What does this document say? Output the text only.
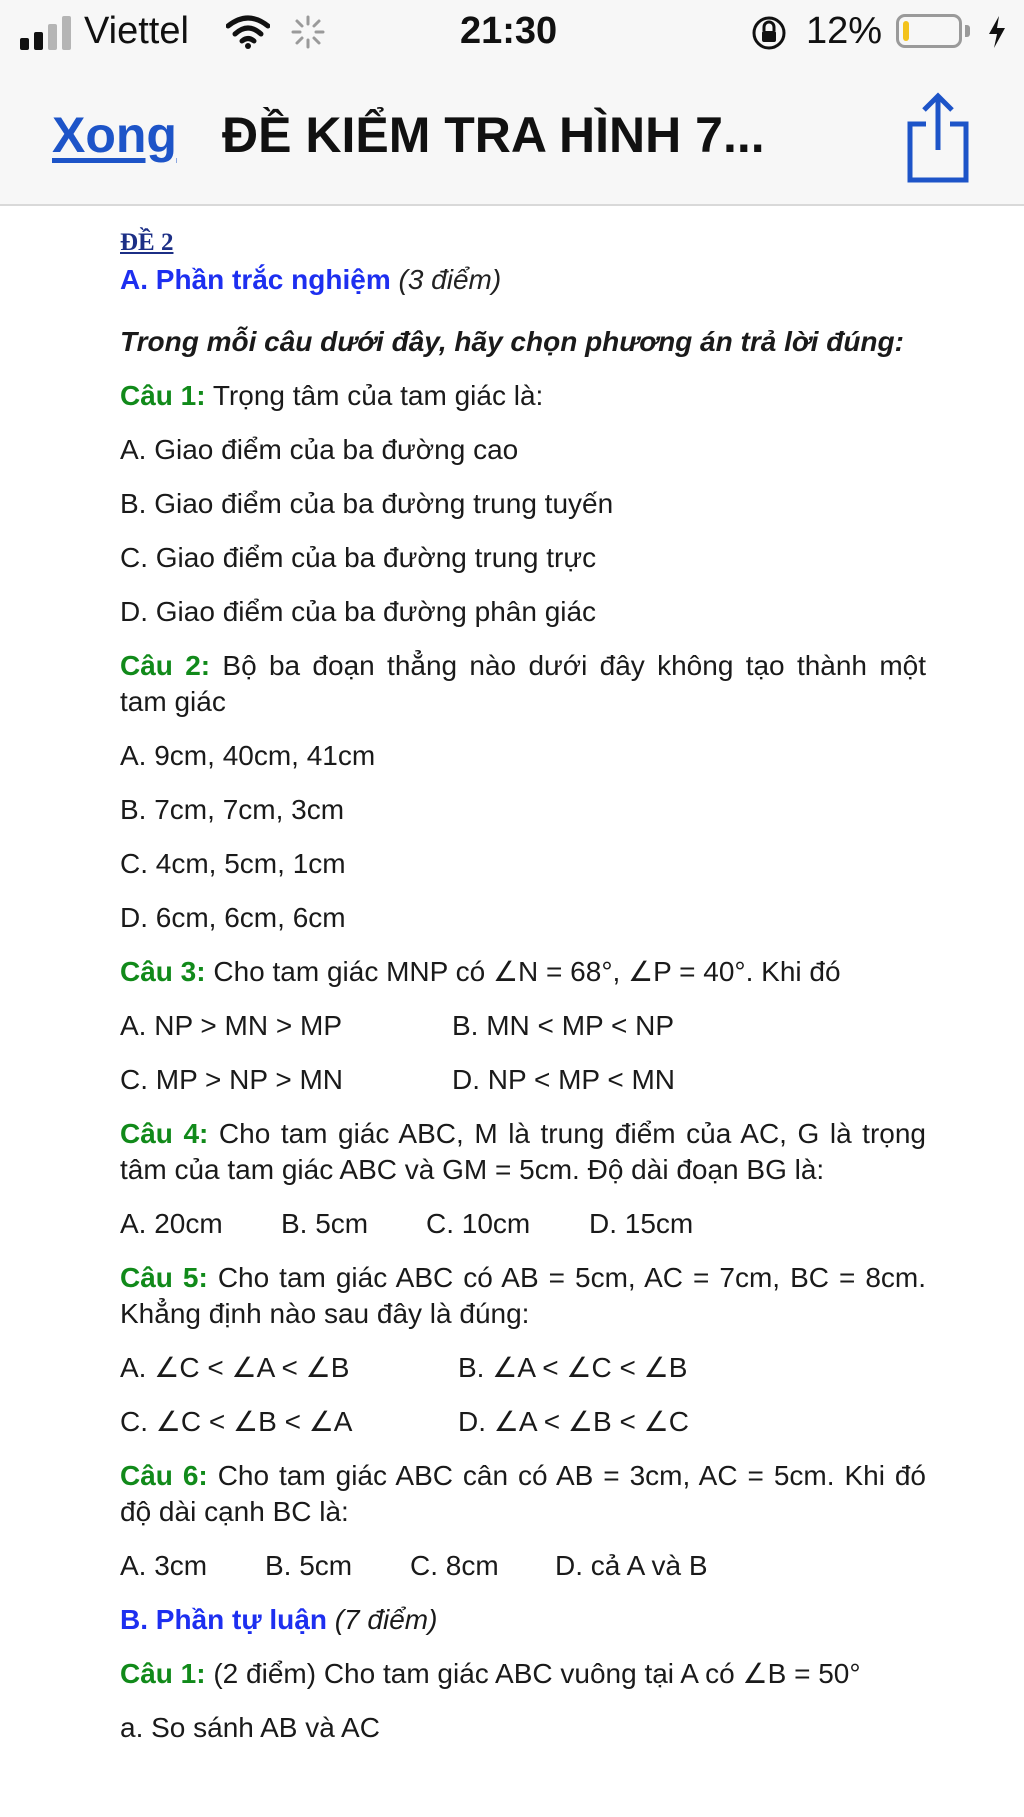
Viettel	21:30	12%
Xong ĐỀ KIỂM TRA HÌNH 7...
ĐỀ 2
A. Phần trắc nghiệm (3 điểm)
Trong mỗi câu dưới đây, hãy chọn phương án trả lời đúng:
Câu 1: Trọng tâm của tam giác là:
A. Giao điểm của ba đường cao
B. Giao điểm của ba đường trung tuyến
C. Giao điểm của ba đường trung trực
D. Giao điểm của ba đường phân giác
Câu 2: Bộ ba đoạn thẳng nào dưới đây không tạo thành một tam giác
A. 9cm, 40cm, 41cm
B. 7cm, 7cm, 3cm
C. 4cm, 5cm, 1cm
D. 6cm, 6cm, 6cm
Câu 3: Cho tam giác MNP có ∠N = 68°, ∠P = 40°. Khi đó
A. NP > MN > MP	B. MN < MP < NP
C. MP > NP > MN	D. NP < MP < MN
Câu 4: Cho tam giác ABC, M là trung điểm của AC, G là trọng tâm của tam giác ABC và GM = 5cm. Độ dài đoạn BG là:
A. 20cm	B. 5cm	C. 10cm	D. 15cm
Câu 5: Cho tam giác ABC có AB = 5cm, AC = 7cm, BC = 8cm. Khẳng định nào sau đây là đúng:
A. ∠C < ∠A < ∠B	B. ∠A < ∠C < ∠B
C. ∠C < ∠B < ∠A	D. ∠A < ∠B < ∠C
Câu 6: Cho tam giác ABC cân có AB = 3cm, AC = 5cm. Khi đó độ dài cạnh BC là:
A. 3cm	B. 5cm	C. 8cm	D. cả A và B
B. Phần tự luận (7 điểm)
Câu 1: (2 điểm) Cho tam giác ABC vuông tại A có ∠B = 50°
a. So sánh AB và AC
